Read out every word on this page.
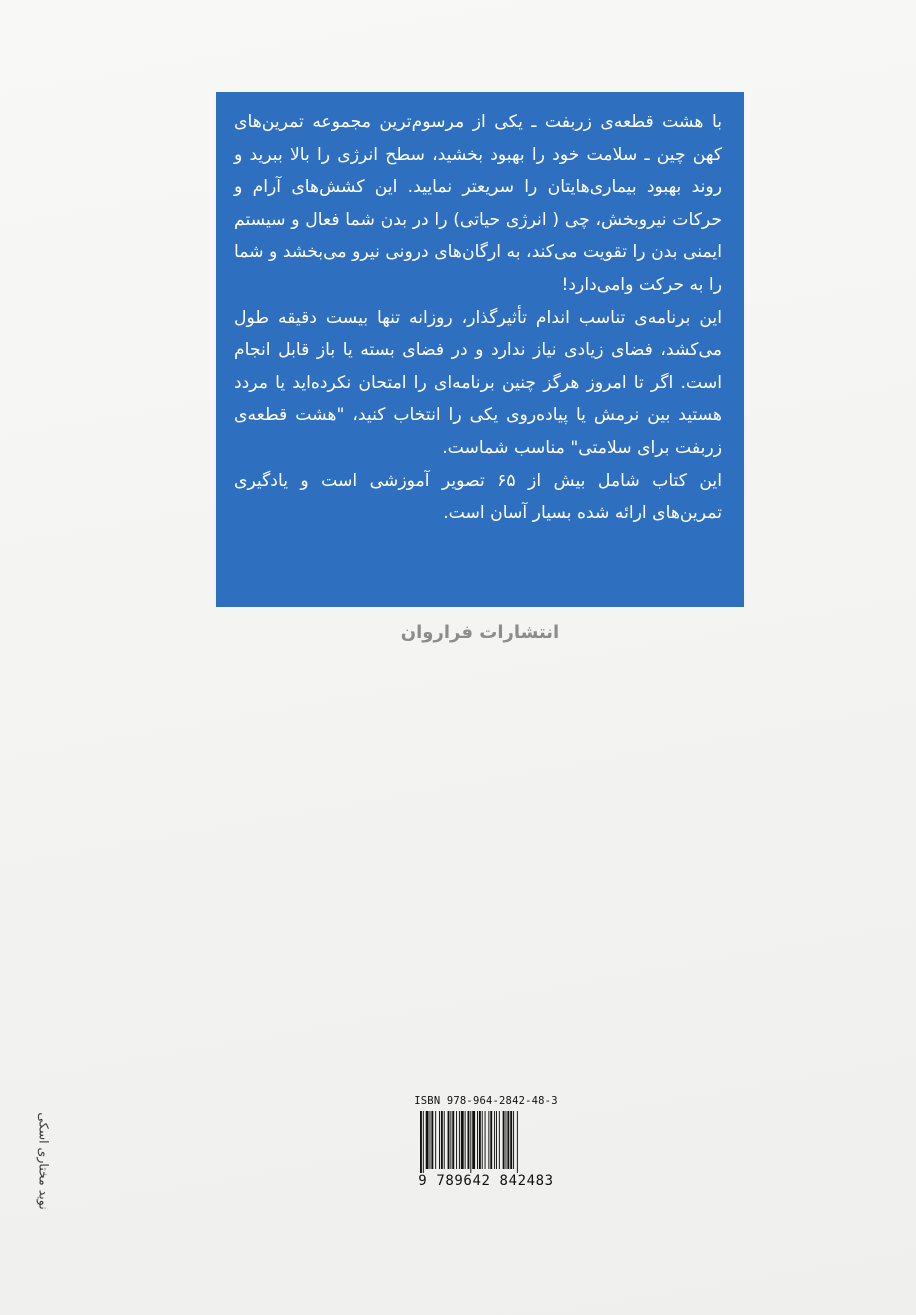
با هشت قطعه‌ی زربفت ـ یکی از مرسوم‌ترین مجموعه تمرین‌های کهن چین ـ سلامت خود را بهبود بخشید، سطح انرژی را بالا ببرید و روند بهبود بیماری‌هایتان را سریعتر نمایید. این کشش‌های آرام و حرکات نیروبخش، چی ( انرژی حیاتی) را در بدن شما فعال و سیستم ایمنی بدن را تقویت می‌کند، به ارگان‌های درونی نیرو می‌بخشد و شما را به حرکت وامی‌دارد!

این برنامه‌ی تناسب اندام تأثیرگذار، روزانه تنها بیست دقیقه طول می‌کشد، فضای زیادی نیاز ندارد و در فضای بسته یا باز قابل انجام است. اگر تا امروز هرگز چنین برنامه‌ای را امتحان نکرده‌اید یا مردد هستید بین نرمش یا پیاده‌روی یکی را انتخاب کنید، "هشت قطعه‌ی زربفت برای سلامتی" مناسب شماست.

این کتاب شامل بیش از ۶۵ تصویر آموزشی است و یادگیری تمرین‌های ارائه شده بسیار آسان است.

انتشارات فراروان
نوید مختاری اسکی
ISBN 978-964-2842-48-3
9 789642 842483
